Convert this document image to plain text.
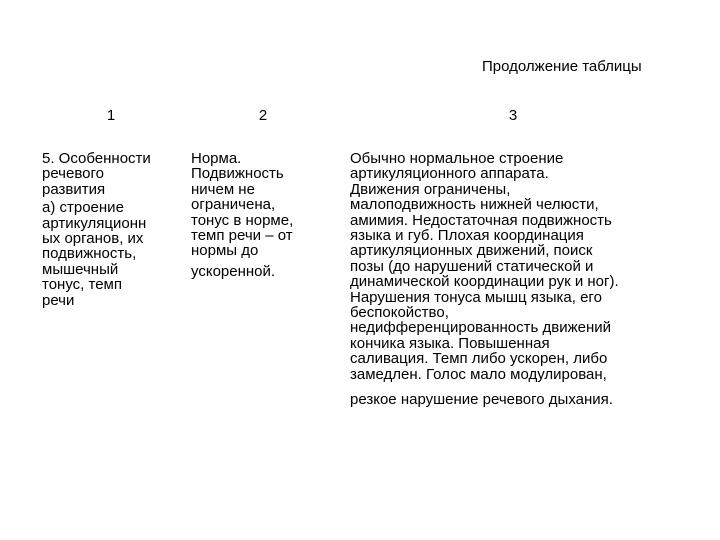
Продолжение таблицы
1	2	3
5. Особенности
речевого
развития
а) строение
артикуляционн
ых органов, их
подвижность,
мышечный
тонус, темп
речи
Норма.
Подвижность
ничем не
ограничена,
тонус в норме,
темп речи – от
нормы до
ускоренной.
Обычно нормальное строение
артикуляционного аппарата.
Движения ограничены,
малоподвижность нижней челюсти,
амимия. Недостаточная подвижность
языка и губ. Плохая координация
артикуляционных движений, поиск
позы (до нарушений статической и
динамической координации рук и ног).
Нарушения тонуса мышц языка, его
беспокойство,
недифференцированность движений
кончика языка. Повышенная
саливация. Темп либо ускорен, либо
замедлен. Голос мало модулирован,
резкое нарушение речевого дыхания.
